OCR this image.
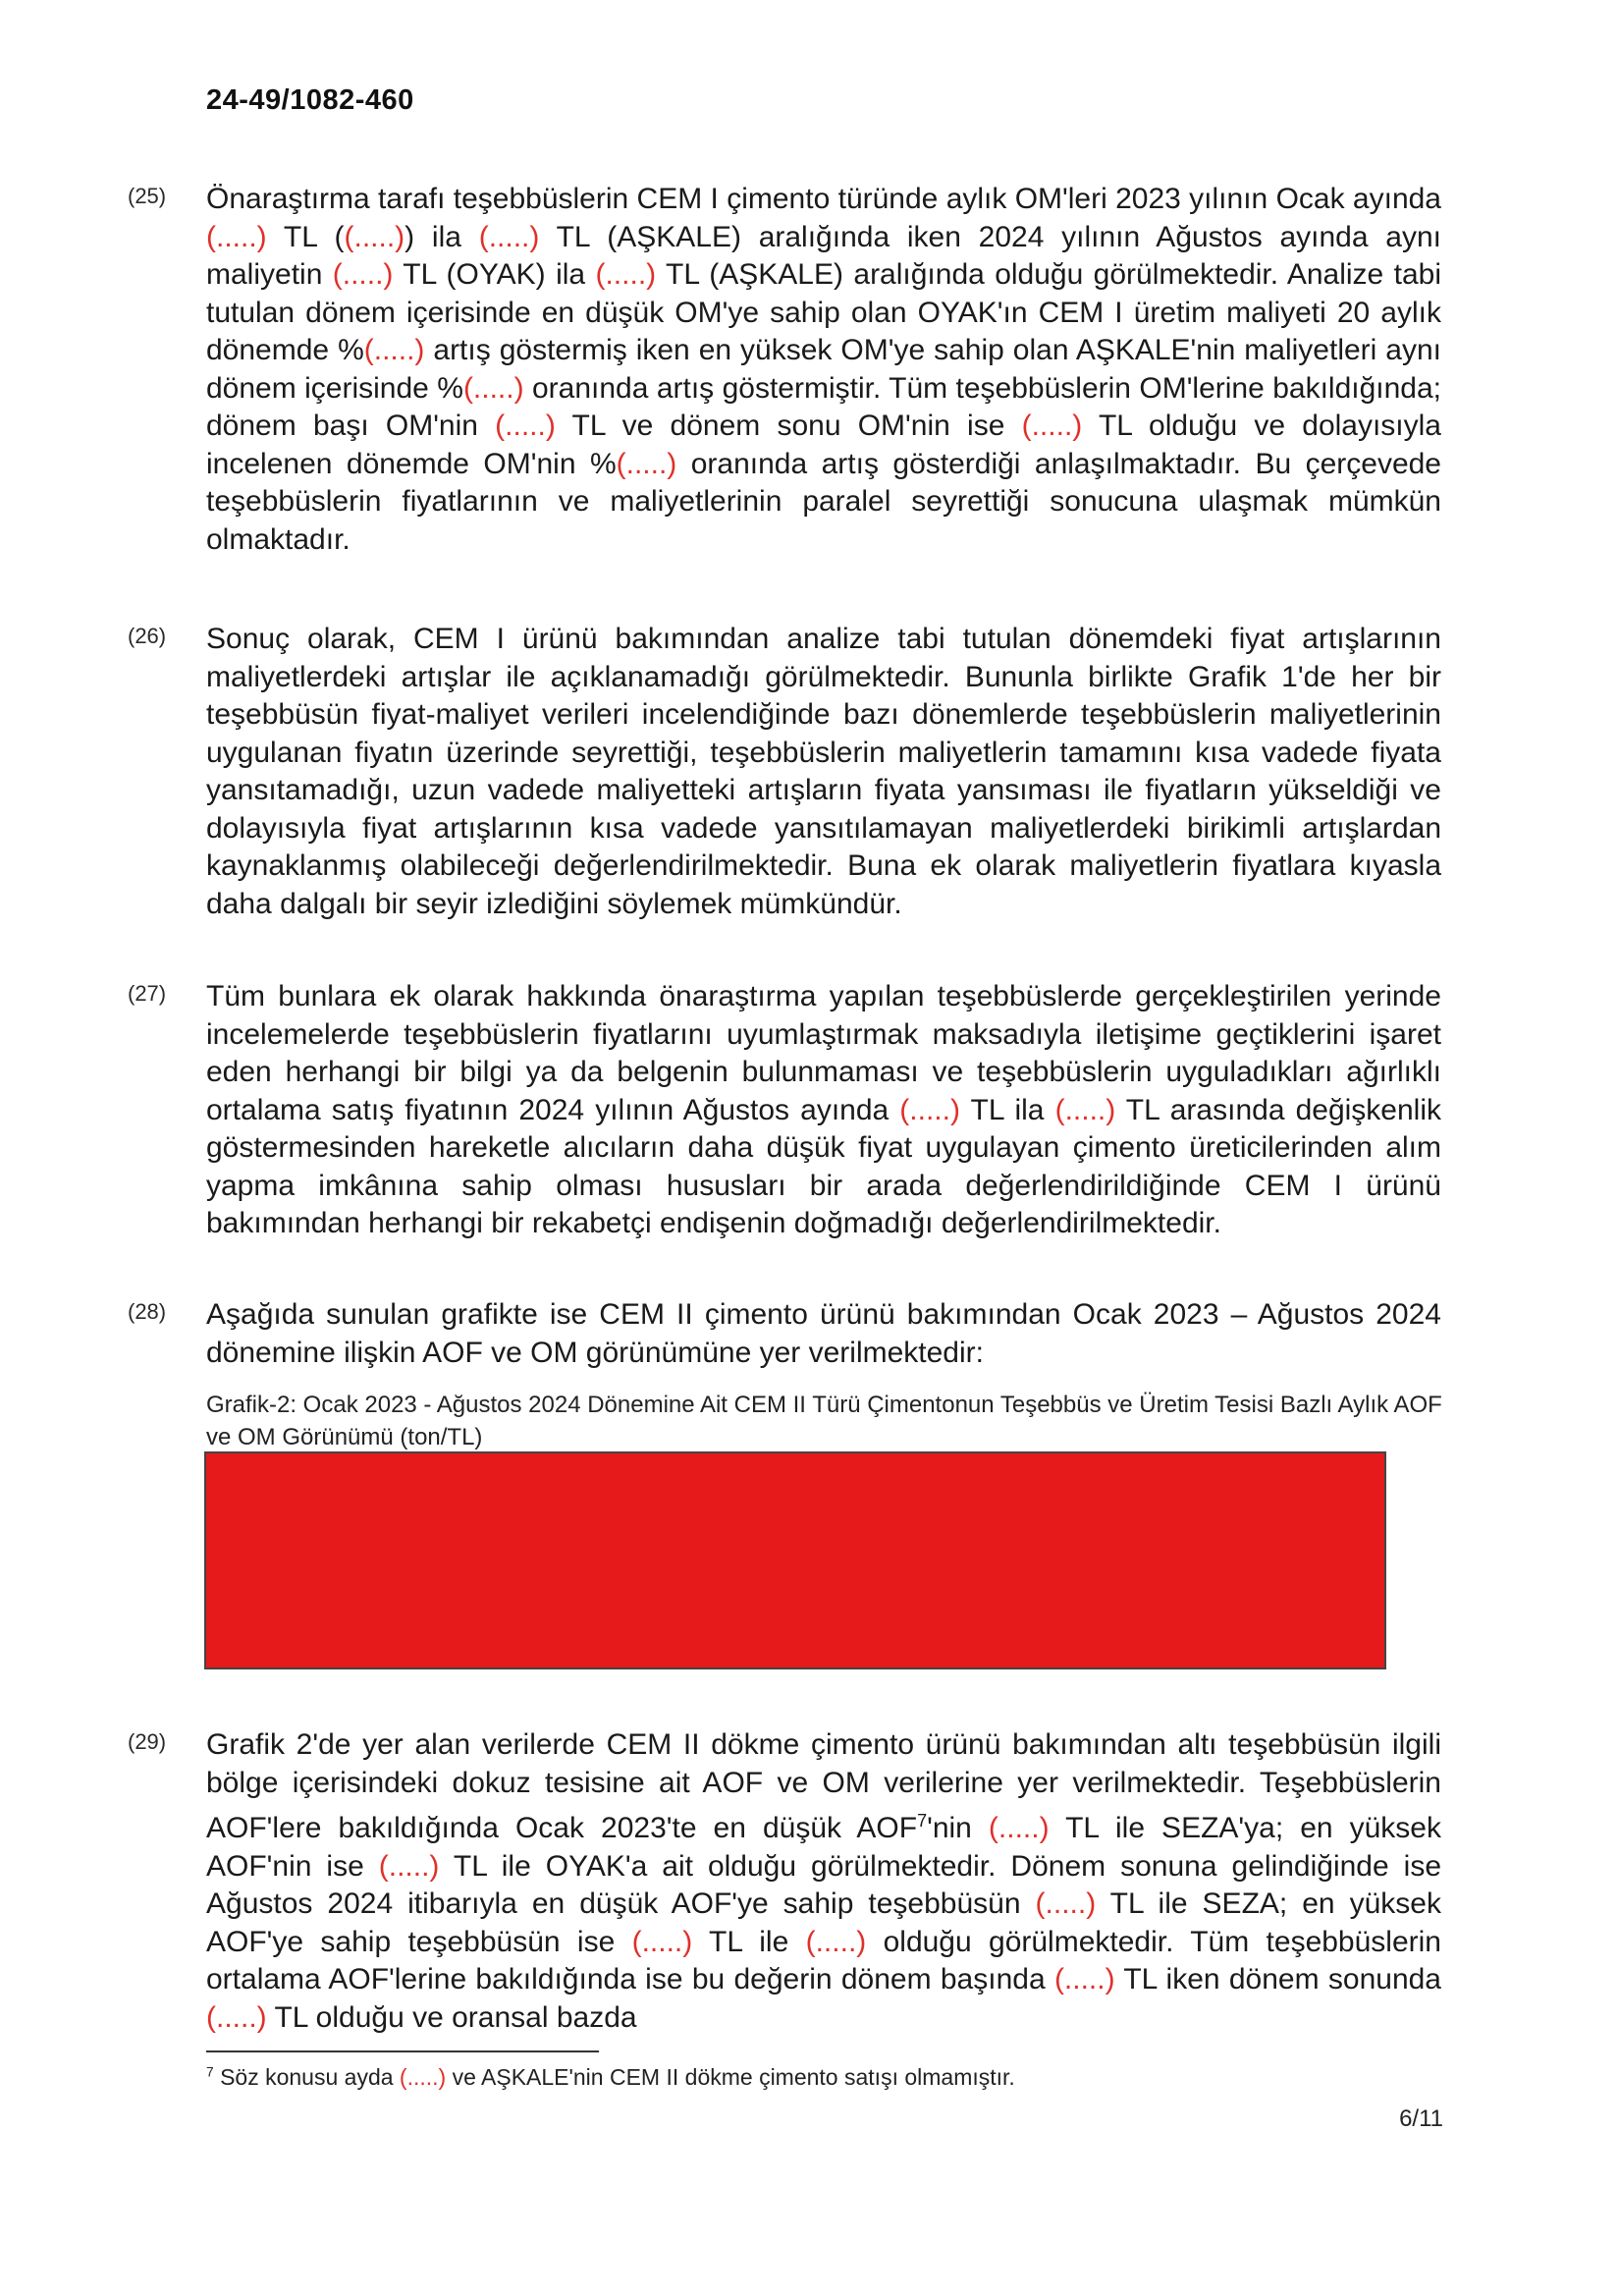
24-49/1082-460
(25)	Önaraştırma tarafı teşebbüslerin CEM I çimento türünde aylık OM'leri 2023 yılının Ocak ayında (.....) TL ((.....)) ila (.....) TL (AŞKALE) aralığında iken 2024 yılının Ağustos ayında aynı maliyetin (.....) TL (OYAK) ila (.....) TL (AŞKALE) aralığında olduğu görülmektedir. Analize tabi tutulan dönem içerisinde en düşük OM'ye sahip olan OYAK'ın CEM I üretim maliyeti 20 aylık dönemde %(.....) artış göstermiş iken en yüksek OM'ye sahip olan AŞKALE'nin maliyetleri aynı dönem içerisinde %(.....) oranında artış göstermiştir. Tüm teşebbüslerin OM'lerine bakıldığında; dönem başı OM'nin (.....) TL ve dönem sonu OM'nin ise (.....) TL olduğu ve dolayısıyla incelenen dönemde OM'nin %(.....) oranında artış gösterdiği anlaşılmaktadır. Bu çerçevede teşebbüslerin fiyatlarının ve maliyetlerinin paralel seyrettiği sonucuna ulaşmak mümkün olmaktadır.
(26)	Sonuç olarak, CEM I ürünü bakımından analize tabi tutulan dönemdeki fiyat artışlarının maliyetlerdeki artışlar ile açıklanamadığı görülmektedir. Bununla birlikte Grafik 1'de her bir teşebbüsün fiyat-maliyet verileri incelendiğinde bazı dönemlerde teşebbüslerin maliyetlerinin uygulanan fiyatın üzerinde seyrettiği, teşebbüslerin maliyetlerin tamamını kısa vadede fiyata yansıtamadığı, uzun vadede maliyetteki artışların fiyata yansıması ile fiyatların yükseldiği ve dolayısıyla fiyat artışlarının kısa vadede yansıtılamayan maliyetlerdeki birikimli artışlardan kaynaklanmış olabileceği değerlendirilmektedir. Buna ek olarak maliyetlerin fiyatlara kıyasla daha dalgalı bir seyir izlediğini söylemek mümkündür.
(27)	Tüm bunlara ek olarak hakkında önaraştırma yapılan teşebbüslerde gerçekleştirilen yerinde incelemelerde teşebbüslerin fiyatlarını uyumlaştırmak maksadıyla iletişime geçtiklerini işaret eden herhangi bir bilgi ya da belgenin bulunmaması ve teşebbüslerin uyguladıkları ağırlıklı ortalama satış fiyatının 2024 yılının Ağustos ayında (.....) TL ila (.....) TL arasında değişkenlik göstermesinden hareketle alıcıların daha düşük fiyat uygulayan çimento üreticilerinden alım yapma imkânına sahip olması hususları bir arada değerlendirildiğinde CEM I ürünü bakımından herhangi bir rekabetçi endişenin doğmadığı değerlendirilmektedir.
(28)	Aşağıda sunulan grafikte ise CEM II çimento ürünü bakımından Ocak 2023 – Ağustos 2024 dönemine ilişkin AOF ve OM görünümüne yer verilmektedir:
Grafik-2: Ocak 2023 - Ağustos 2024 Dönemine Ait CEM II Türü Çimentonun Teşebbüs ve Üretim Tesisi Bazlı Aylık AOF ve OM Görünümü (ton/TL)
(29)	Grafik 2'de yer alan verilerde CEM II dökme çimento ürünü bakımından altı teşebbüsün ilgili bölge içerisindeki dokuz tesisine ait AOF ve OM verilerine yer verilmektedir. Teşebbüslerin AOF'lere bakıldığında Ocak 2023'te en düşük AOF$^7$'nin (.....) TL ile SEZA'ya; en yüksek AOF'nin ise (.....) TL ile OYAK'a ait olduğu görülmektedir. Dönem sonuna gelindiğinde ise Ağustos 2024 itibarıyla en düşük AOF'ye sahip teşebbüsün (.....) TL ile SEZA; en yüksek AOF'ye sahip teşebbüsün ise (.....) TL ile (.....) olduğu görülmektedir. Tüm teşebbüslerin ortalama AOF'lerine bakıldığında ise bu değerin dönem başında (.....) TL iken dönem sonunda (.....) TL olduğu ve oransal bazda
$^7$ Söz konusu ayda (.....) ve AŞKALE'nin CEM II dökme çimento satışı olmamıştır.
6/11
